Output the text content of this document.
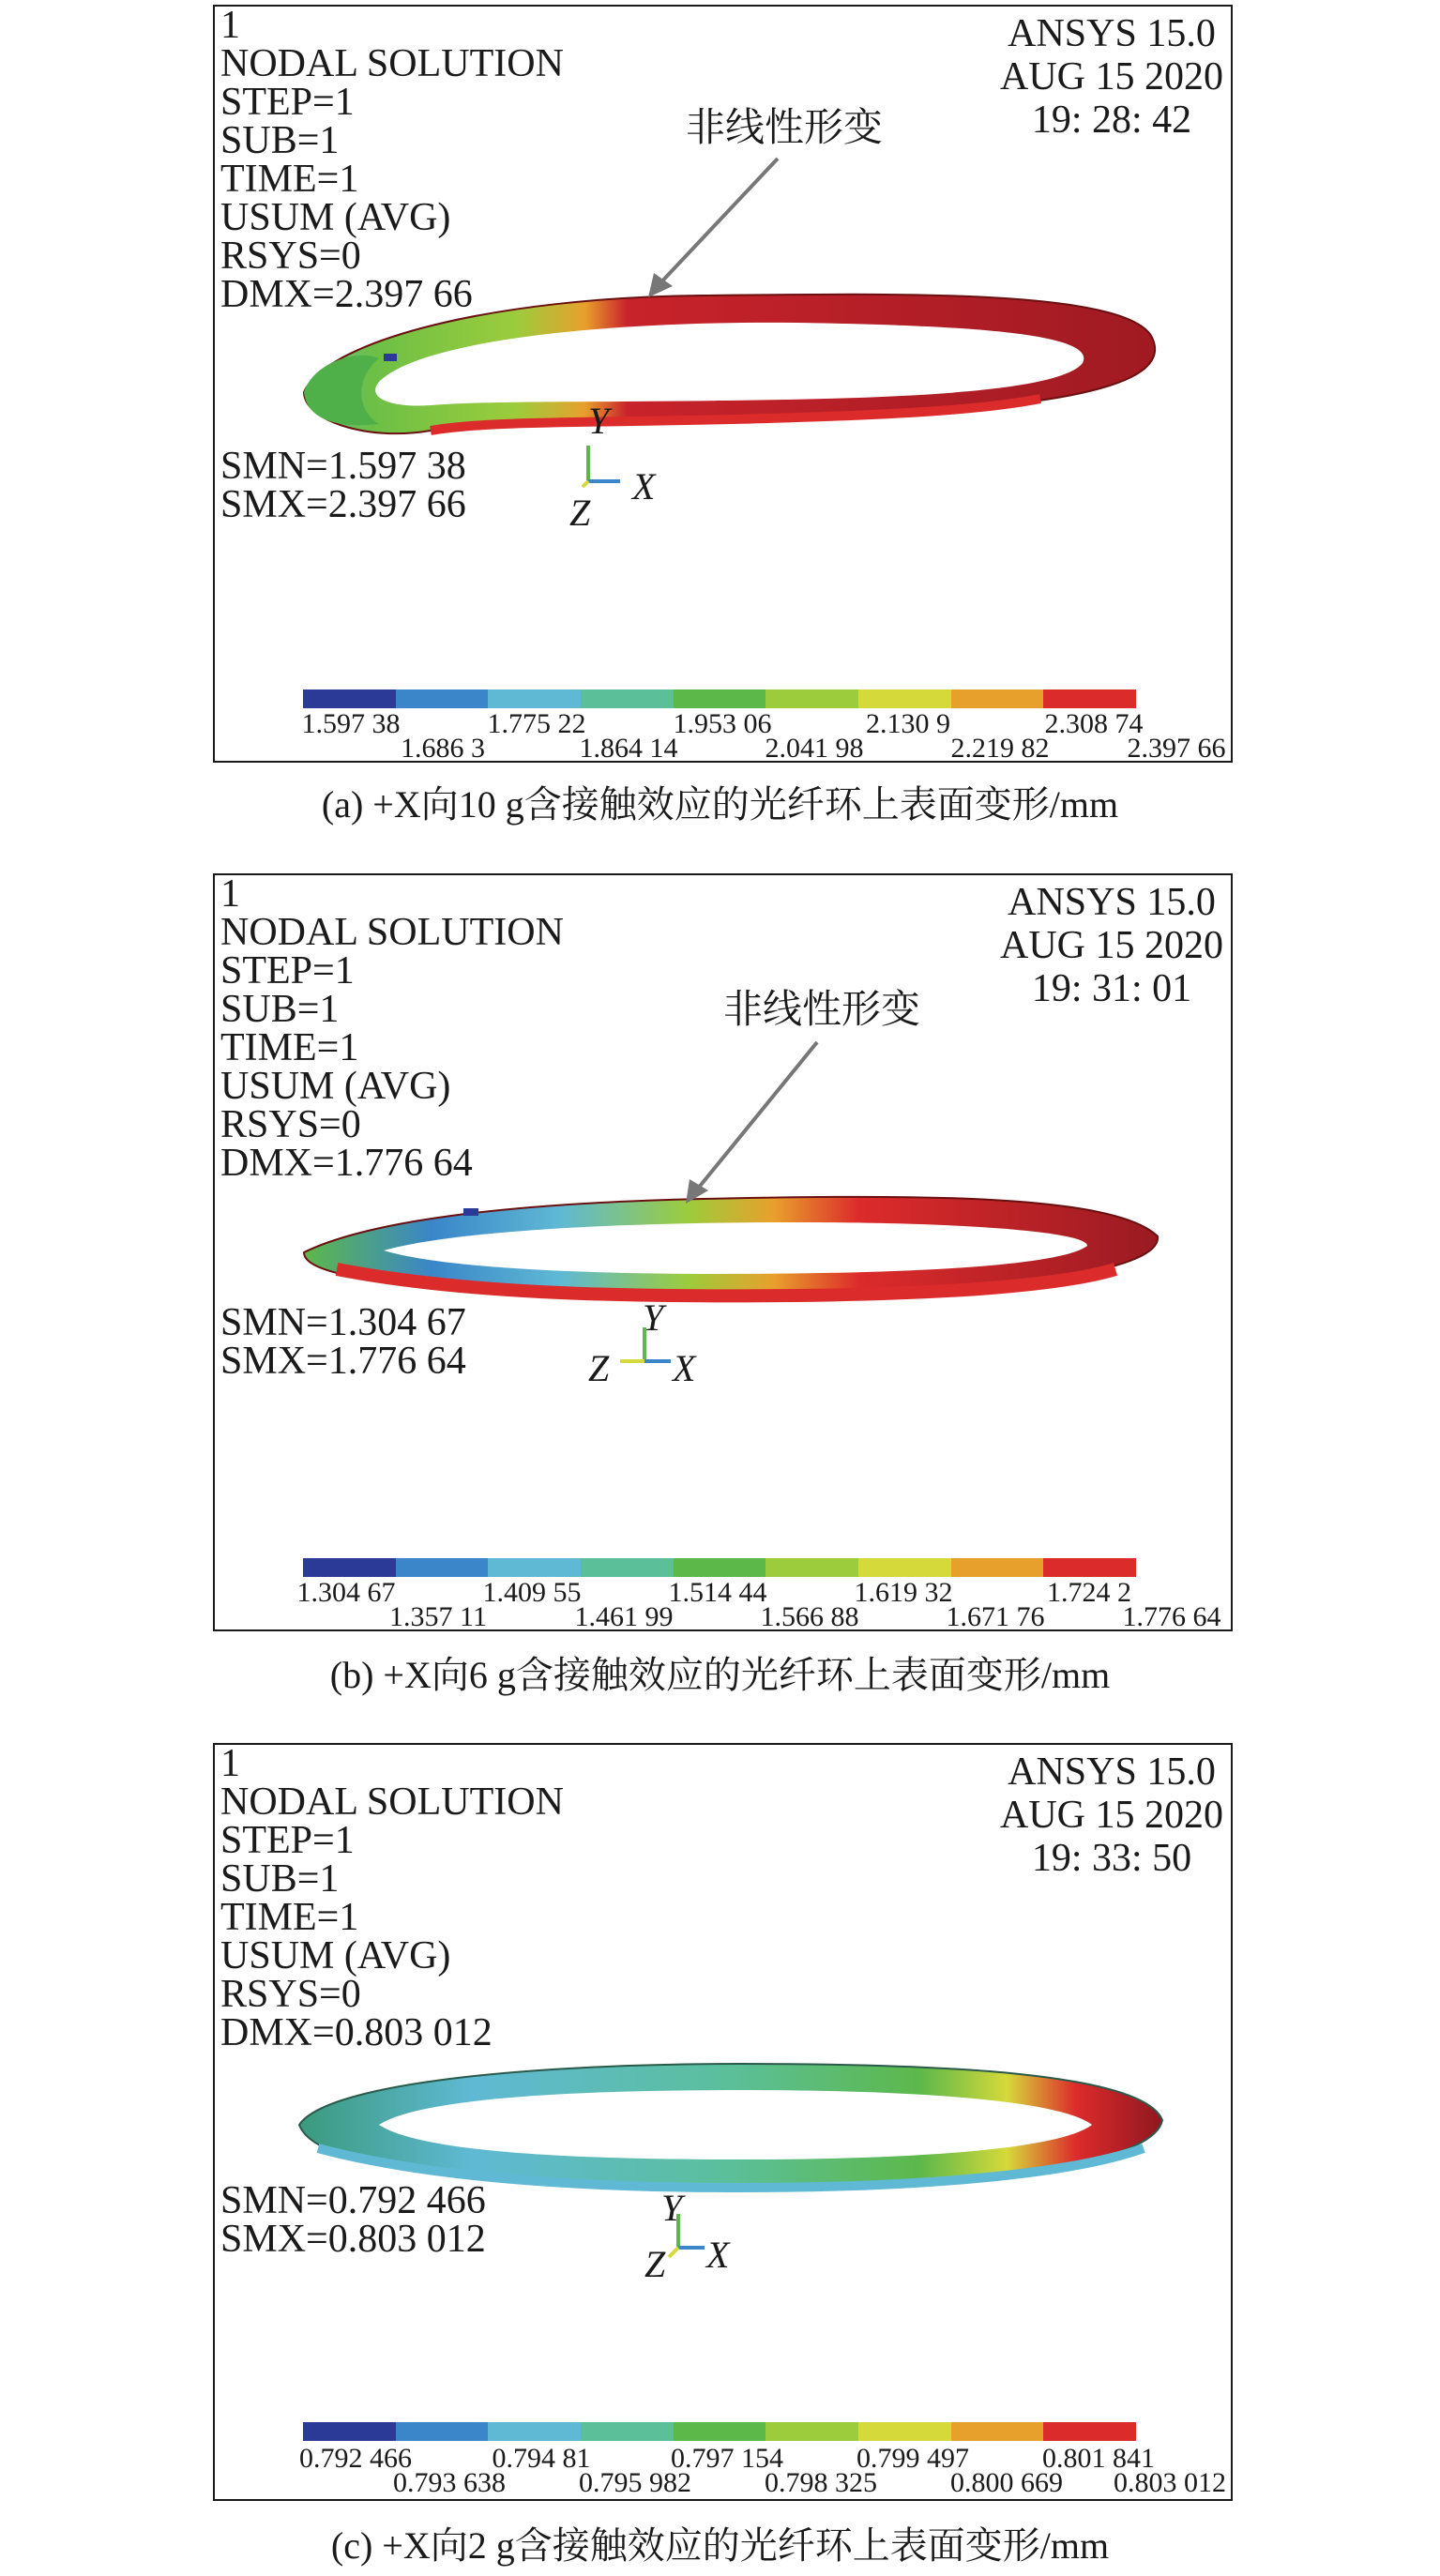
1
NODAL SOLUTION
STEP=1
SUB=1
TIME=1
USUM (AVG)
RSYS=0
DMX=2.397 66
ANSYS 15.0
AUG 15 2020
19: 28: 42
非线性形变
Y
X
Z
SMN=1.597 38
SMX=2.397 66
1.597 38	1.775 22	1.953 06	2.130 9	2.308 74
1.686 3	1.864 14	2.041 98	2.219 82	2.397 66
(a) +X向10 g含接触效应的光纤环上表面变形/mm
1
NODAL SOLUTION
STEP=1
SUB=1
TIME=1
USUM (AVG)
RSYS=0
DMX=1.776 64
ANSYS 15.0
AUG 15 2020
19: 31: 01
非线性形变
Y
X
Z
SMN=1.304 67
SMX=1.776 64
1.304 67	1.409 55	1.514 44	1.619 32	1.724 2
1.357 11	1.461 99	1.566 88	1.671 76	1.776 64
(b) +X向6 g含接触效应的光纤环上表面变形/mm
1
NODAL SOLUTION
STEP=1
SUB=1
TIME=1
USUM (AVG)
RSYS=0
DMX=0.803 012
ANSYS 15.0
AUG 15 2020
19: 33: 50
Y
X
Z
SMN=0.792 466
SMX=0.803 012
0.792 466	0.794 81	0.797 154	0.799 497	0.801 841
0.793 638	0.795 982	0.798 325	0.800 669 0.803 012
(c) +X向2 g含接触效应的光纤环上表面变形/mm
